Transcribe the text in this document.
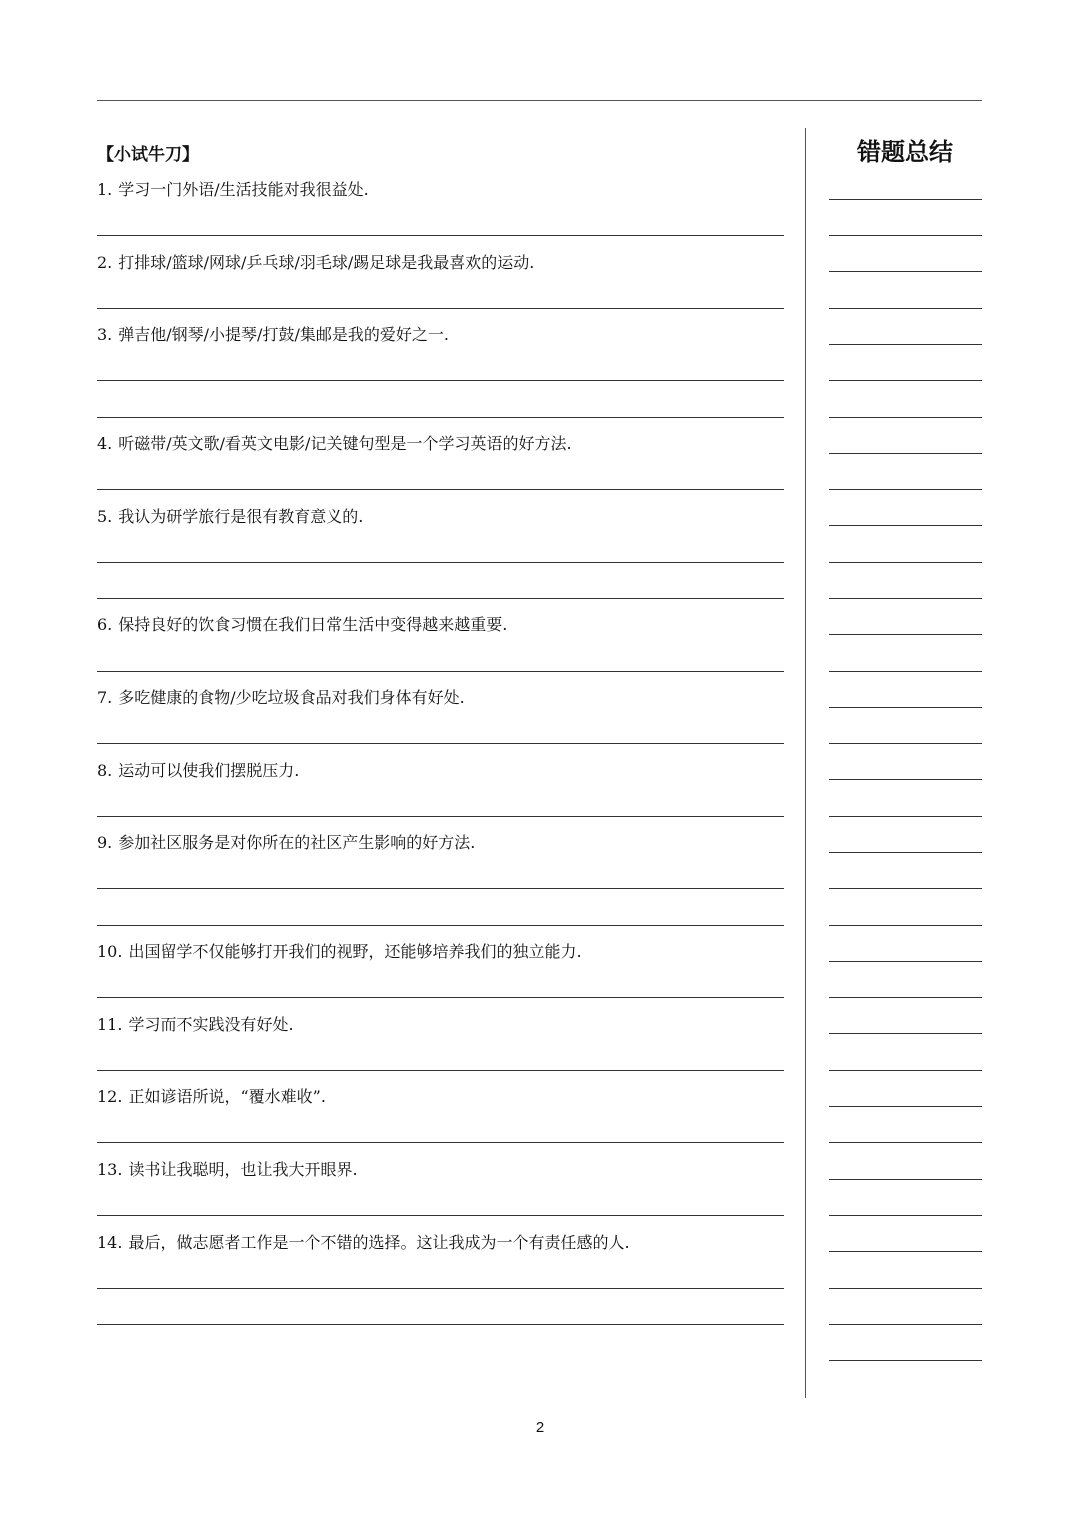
【小试牛刀】
1. 学习一门外语/生活技能对我很益处.
2. 打排球/篮球/网球/乒乓球/羽毛球/踢足球是我最喜欢的运动.
3. 弹吉他/钢琴/小提琴/打鼓/集邮是我的爱好之一.
4. 听磁带/英文歌/看英文电影/记关键句型是一个学习英语的好方法.
5. 我认为研学旅行是很有教育意义的.
6. 保持良好的饮食习惯在我们日常生活中变得越来越重要.
7. 多吃健康的食物/少吃垃圾食品对我们身体有好处.
8. 运动可以使我们摆脱压力.
9. 参加社区服务是对你所在的社区产生影响的好方法.
10. 出国留学不仅能够打开我们的视野，还能够培养我们的独立能力.
11. 学习而不实践没有好处.
12. 正如谚语所说，“覆水难收”.
13. 读书让我聪明，也让我大开眼界.
14. 最后，做志愿者工作是一个不错的选择。这让我成为一个有责任感的人.
错题总结
2
